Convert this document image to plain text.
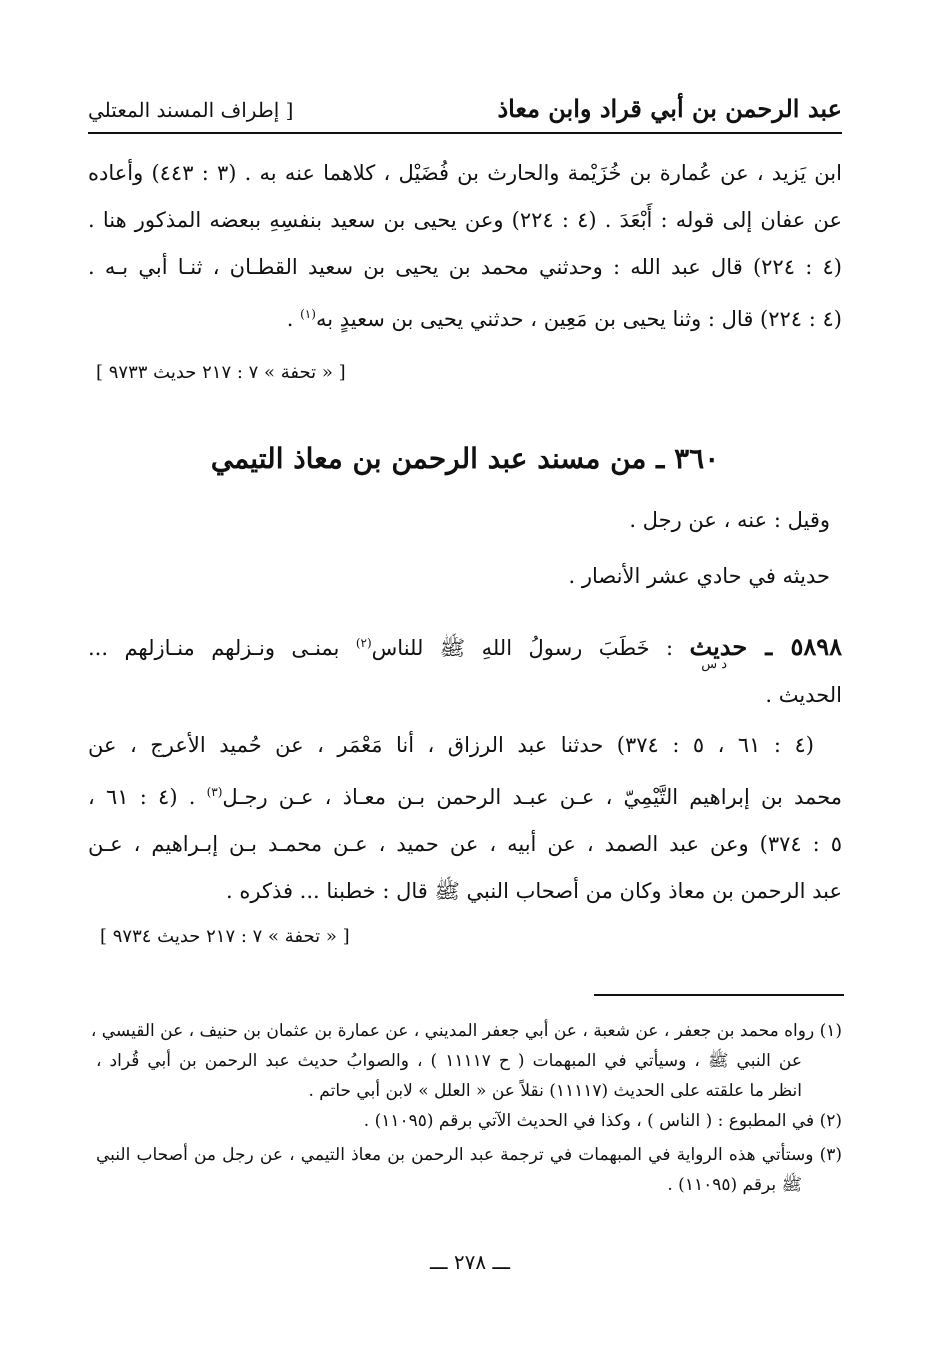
عبد الرحمن بن أبي قراد وابن معاذ
[ إطراف المسند المعتلي
ابن يَزيد ، عن عُمارة بن خُزَيْمة والحارث بن فُضَيْل ، كلاهما عنه به . (٣ : ٤٤٣) وأعاده
عن عفان إلى قوله : أَبْعَدَ . (٤ : ٢٢٤) وعن يحيى بن سعيد بنفسِهِ ببعضه المذكور هنا .
(٤ : ٢٢٤) قال عبد الله : وحدثني محمد بن يحيى بن سعيد القطـان ، ثنـا أبي بـه .
(٤ : ٢٢٤) قال : وثنا يحيى بن مَعِين ، حدثني يحيى بن سعيدٍ به$^{(١)}$ .
[ « تحفة » ٧ : ٢١٧ حديث ٩٧٣٣ ]
٣٦٠ ـ من مسند عبد الرحمن بن معاذ التيمي
وقيل : عنه ، عن رجل .
حديثه في حادي عشر الأنصار .
٥٨٩٨ ـ حديث : خَطَبَ رسولُ اللهِ ﷺ للناس$^{(٢)}$ بمنـى ونـزلهم منـازلهم ...
الحديث .
د س
(٤ : ٦١ ، ٥ : ٣٧٤) حدثنا عبد الرزاق ، أنا مَعْمَر ، عن حُميد الأعرج ، عن
محمد بن إبراهيم التَّيْمِيّ ، عـن عبـد الرحمن بـن معـاذ ، عـن رجـل$^{(٣)}$ . (٤ : ٦١ ،
٥ : ٣٧٤) وعن عبد الصمد ، عن أبيه ، عن حميد ، عـن محمـد بـن إبـراهيم ، عـن
عبد الرحمن بن معاذ وكان من أصحاب النبي ﷺ قال : خطبنا ... فذكره .
[ « تحفة » ٧ : ٢١٧ حديث ٩٧٣٤ ]
(١) رواه محمد بن جعفر ، عن شعبة ، عن أبي جعفر المديني ، عن عمارة بن عثمان بن حنيف ، عن القيسي ،
عن النبي ﷺ ، وسيأتي في المبهمات ( ح ١١١١٧ ) ، والصوابُ حديث عبد الرحمن بن أبي قُراد ،
انظر ما علقته على الحديث (١١١١٧) نقلاً عن « العلل » لابن أبي حاتم .
(٢) في المطبوع : ( الناس ) ، وكذا في الحديث الآتي برقم (١١٠٩٥) .
(٣) وستأتي هذه الرواية في المبهمات في ترجمة عبد الرحمن بن معاذ التيمي ، عن رجل من أصحاب النبي
ﷺ برقم (١١٠٩٥) .
ـــ ٢٧٨ ـــ
